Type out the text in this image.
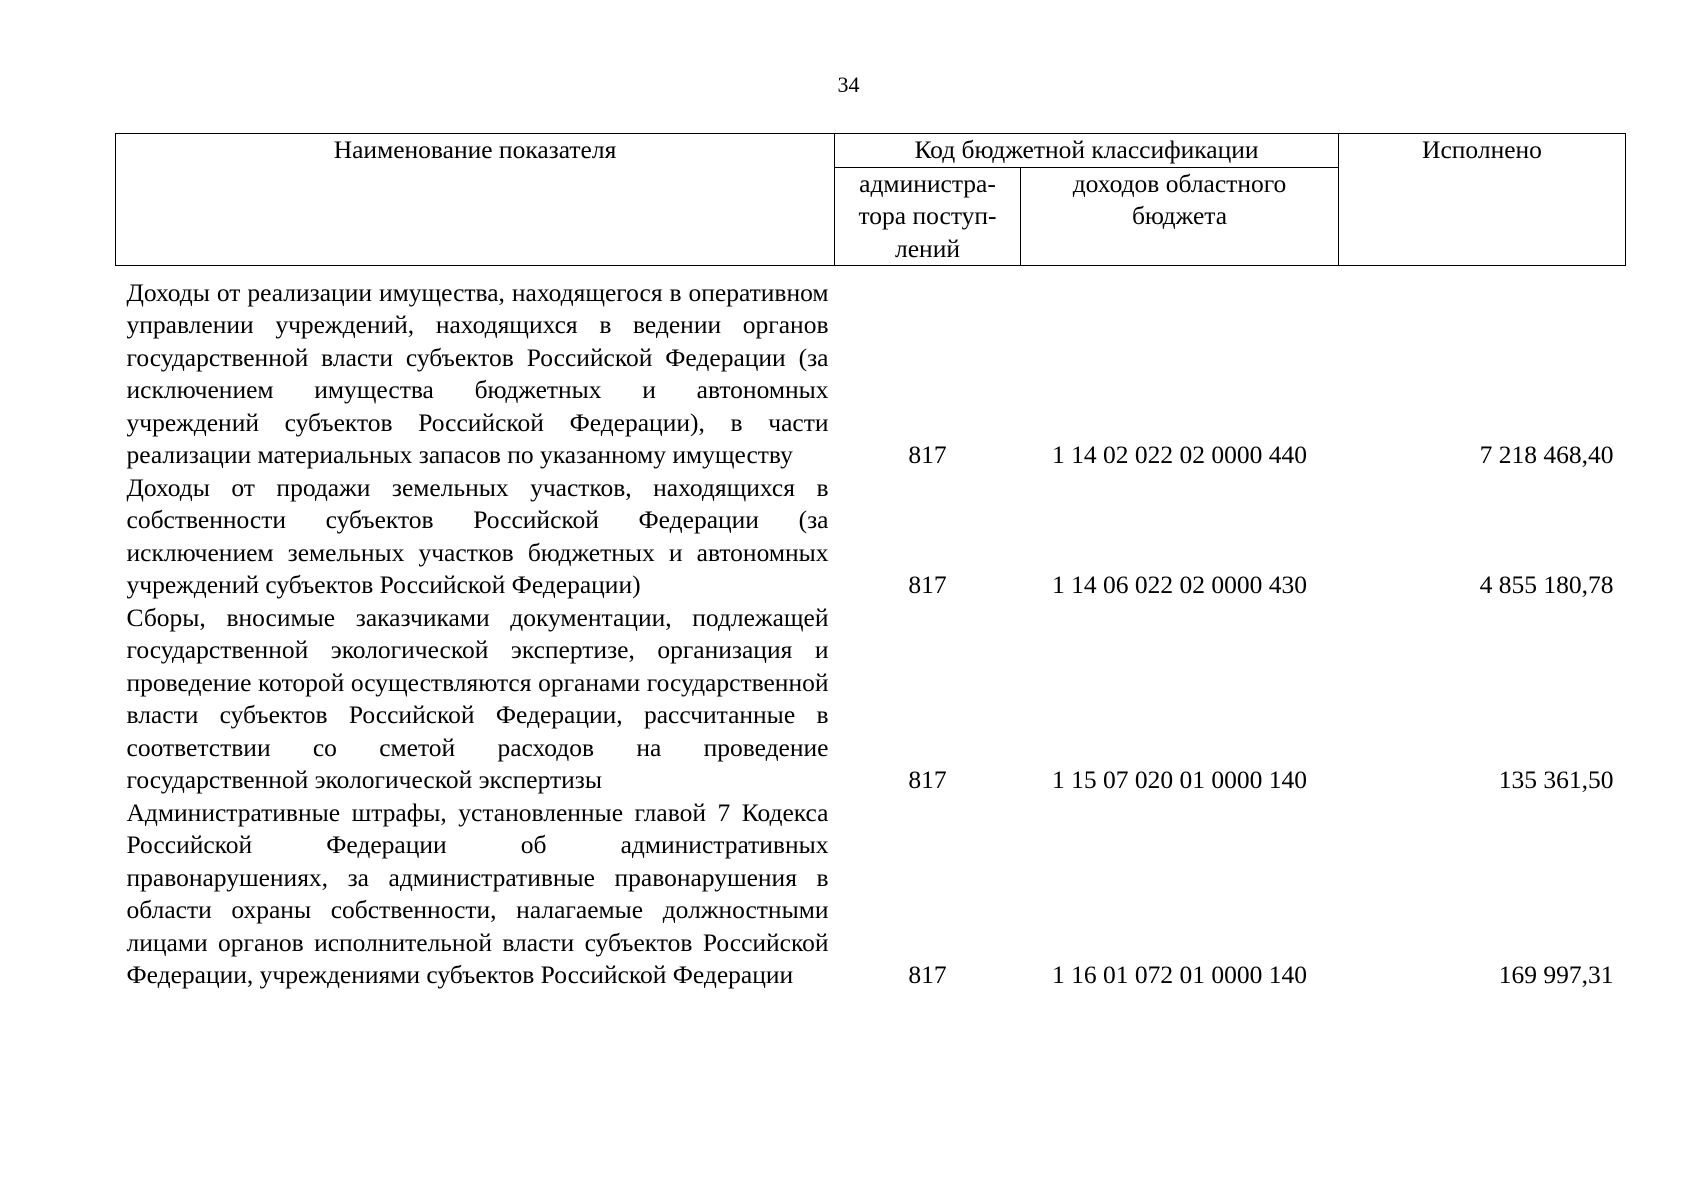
34
Наименование показателя	Код бюджетной классификации		Исполнено
	администра-тора поступ-лений	доходов областного бюджета	
Доходы от реализации имущества, находящегося в оперативном управлении учреждений, находящихся в ведении органов государственной власти субъектов Российской Федерации (за исключением имущества бюджетных и автономных учреждений субъектов Российской Федерации), в части реализации материальных запасов по указанному имуществу	817	1 14 02 022 02 0000 440	7 218 468,40
Доходы от продажи земельных участков, находящихся в собственности субъектов Российской Федерации (за исключением земельных участков бюджетных и автономных учреждений субъектов Российской Федерации)	817	1 14 06 022 02 0000 430	4 855 180,78
Сборы, вносимые заказчиками документации, подлежащей государственной экологической экспертизе, организация и проведение которой осуществляются органами государственной власти субъектов Российской Федерации, рассчитанные в соответствии со сметой расходов на проведение государственной экологической экспертизы	817	1 15 07 020 01 0000 140	135 361,50
Административные штрафы, установленные главой 7 Кодекса Российской Федерации об административных правонарушениях, за административные правонарушения в области охраны собственности, налагаемые должностными лицами органов исполнительной власти субъектов Российской Федерации, учреждениями субъектов Российской Федерации	817	1 16 01 072 01 0000 140	169 997,31
